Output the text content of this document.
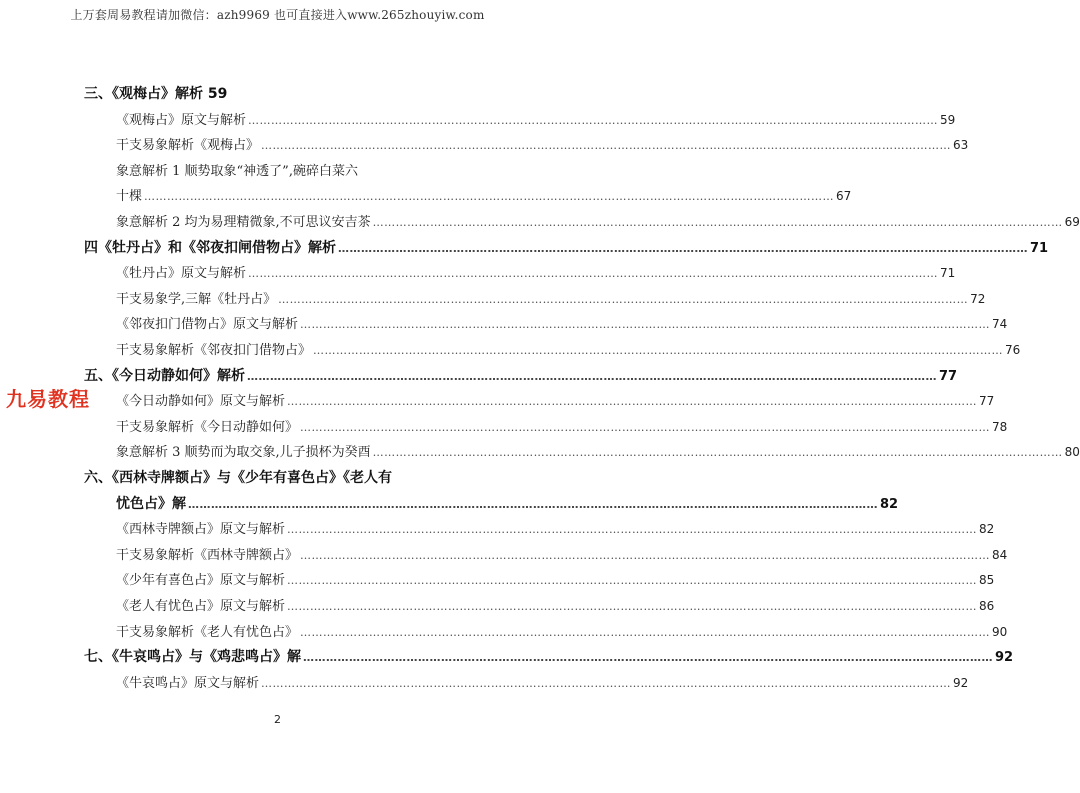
上万套周易教程请加微信：azh9969 也可直接进入www.265zhouyiw.com
九易教程
三、《观梅占》解析 59
《观梅占》原文与解析 ……………………………………………………………………………………………………………………………………………………………… 59
干支易象解析《观梅占》 ……………………………………………………………………………………………………………………………………………………………… 63
象意解析 1 顺势取象“神透了”,碗碎白菜六
十棵 ……………………………………………………………………………………………………………………………………………………………… 67
象意解析 2 均为易理精微象,不可思议安吉茶 ……………………………………………………………………………………………………………………………………………………………… 69
四《牡丹占》和《邻夜扣闸借物占》解析 ……………………………………………………………………………………………………………………………………………………………… 71
《牡丹占》原文与解析 ……………………………………………………………………………………………………………………………………………………………… 71
干支易象学,三解《牡丹占》 ……………………………………………………………………………………………………………………………………………………………… 72
《邻夜扣门借物占》原文与解析 ……………………………………………………………………………………………………………………………………………………………… 74
干支易象解析《邻夜扣门借物占》 ……………………………………………………………………………………………………………………………………………………………… 76
五、《今日动静如何》解析 ……………………………………………………………………………………………………………………………………………………………… 77
《今日动静如何》原文与解析 ……………………………………………………………………………………………………………………………………………………………… 77
干支易象解析《今日动静如何》 ……………………………………………………………………………………………………………………………………………………………… 78
象意解析 3 顺势而为取交象,儿子损杯为癸酉 ……………………………………………………………………………………………………………………………………………………………… 80
六、《西林寺牌额占》与《少年有喜色占》《老人有
忧色占》解 ……………………………………………………………………………………………………………………………………………………………… 82
《西林寺牌额占》原文与解析 ……………………………………………………………………………………………………………………………………………………………… 82
干支易象解析《西林寺牌额占》 ……………………………………………………………………………………………………………………………………………………………… 84
《少年有喜色占》原文与解析 ……………………………………………………………………………………………………………………………………………………………… 85
《老人有忧色占》原文与解析 ……………………………………………………………………………………………………………………………………………………………… 86
干支易象解析《老人有忧色占》 ……………………………………………………………………………………………………………………………………………………………… 90
七、《牛哀鸣占》与《鸡悲鸣占》解 ……………………………………………………………………………………………………………………………………………………………… 92
《牛哀鸣占》原文与解析 ……………………………………………………………………………………………………………………………………………………………… 92
2
